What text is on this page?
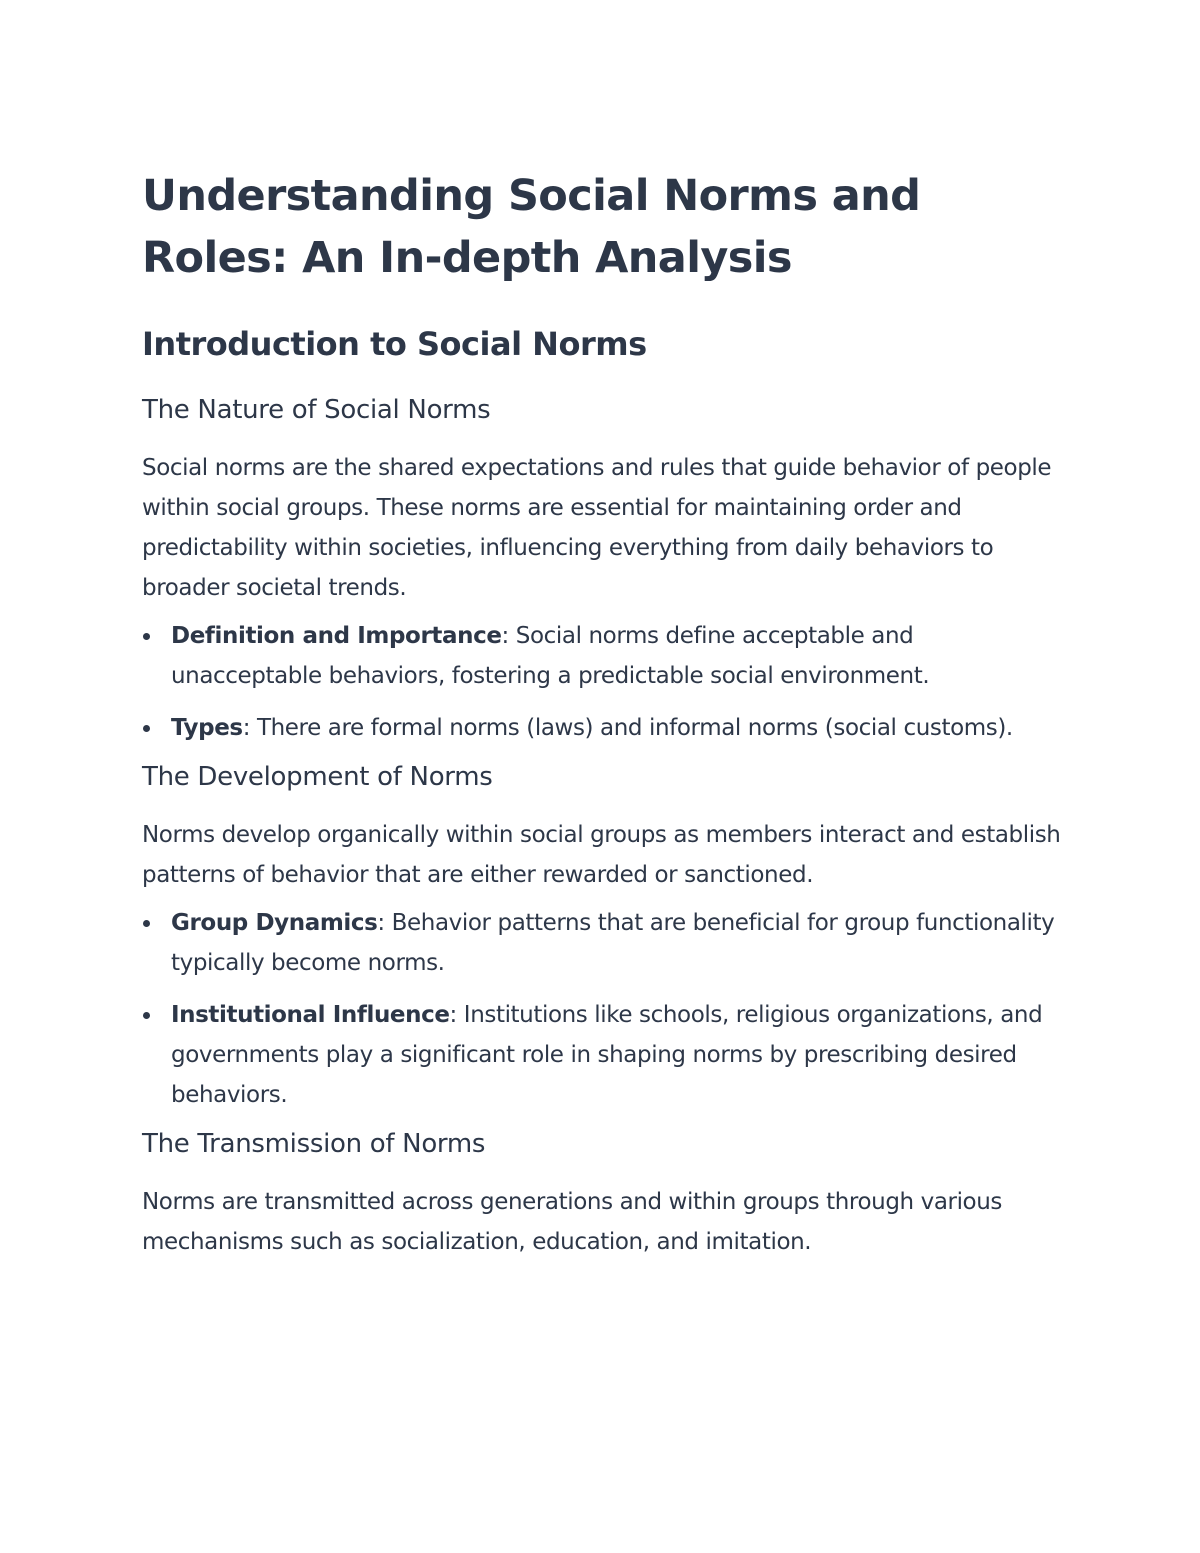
Understanding Social Norms and Roles: An In-depth Analysis
Introduction to Social Norms
The Nature of Social Norms

Social norms are the shared expectations and rules that guide behavior of people within social groups. These norms are essential for maintaining order and predictability within societies, influencing everything from daily behaviors to broader societal trends.

Definition and Importance: Social norms define acceptable and unacceptable behaviors, fostering a predictable social environment.
Types: There are formal norms (laws) and informal norms (social customs).
The Development of Norms

Norms develop organically within social groups as members interact and establish patterns of behavior that are either rewarded or sanctioned.

Group Dynamics: Behavior patterns that are beneficial for group functionality typically become norms.
Institutional Influence: Institutions like schools, religious organizations, and governments play a significant role in shaping norms by prescribing desired behaviors.
The Transmission of Norms

Norms are transmitted across generations and within groups through various mechanisms such as socialization, education, and imitation.
